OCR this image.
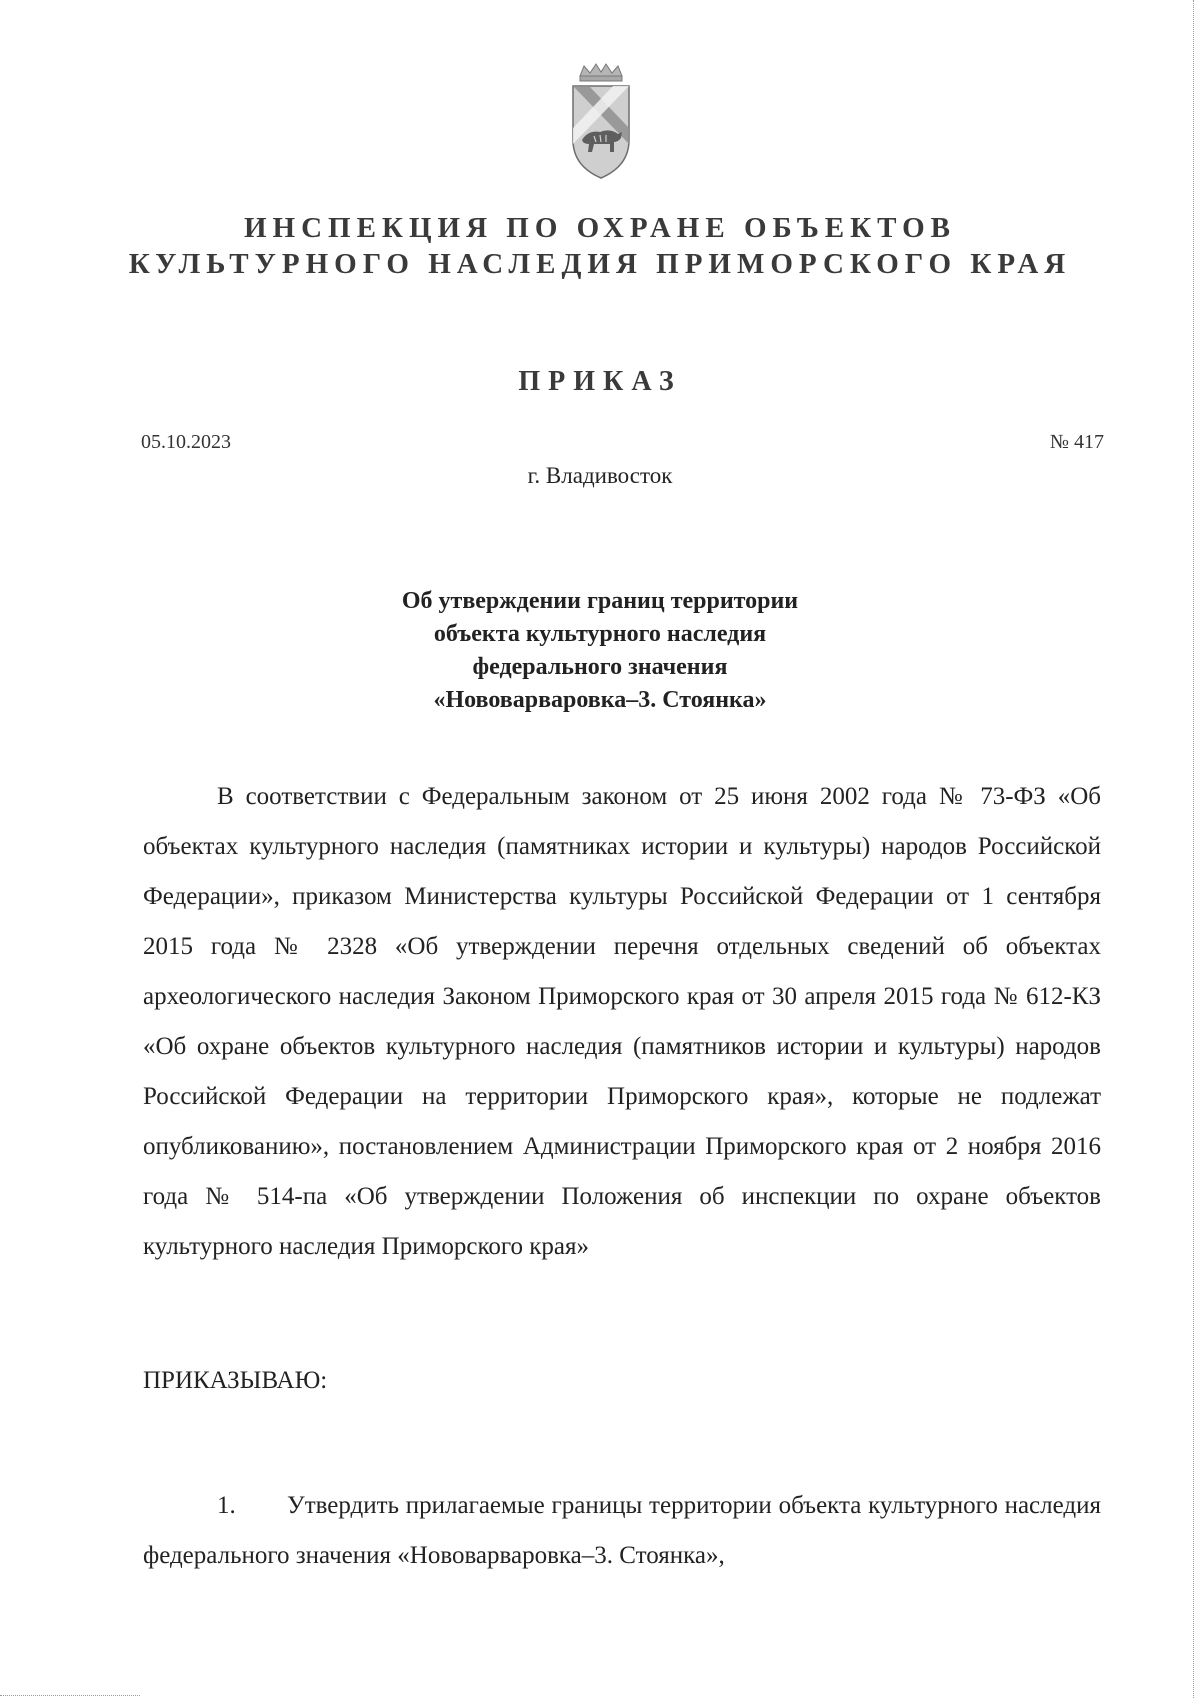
ИНСПЕКЦИЯ ПО ОХРАНЕ ОБЪЕКТОВ
КУЛЬТУРНОГО НАСЛЕДИЯ ПРИМОРСКОГО КРАЯ
ПРИКАЗ
05.10.2023	№ 417
г. Владивосток
Об утверждении границ территории
объекта культурного наследия
федерального значения
«Нововарваровка–3. Стоянка»

В соответствии с Федеральным законом от 25 июня 2002 года № 73-ФЗ «Об объектах культурного наследия (памятниках истории и культуры) народов Российской Федерации», приказом Министерства культуры Российской Федерации от 1 сентября 2015 года № 2328 «Об утверждении перечня отдельных сведений об объектах археологического наследия Законом Приморского края от 30 апреля 2015 года № 612-КЗ «Об охране объектов культурного наследия (памятников истории и культуры) народов Российской Федерации на территории Приморского края», которые не подлежат опубликованию», постановлением Администрации Приморского края от 2 ноября 2016 года № 514-па «Об утверждении Положения об инспекции по охране объектов культурного наследия Приморского края»

ПРИКАЗЫВАЮ:

1. Утвердить прилагаемые границы территории объекта культурного наследия федерального значения «Нововарваровка–3. Стоянка»,
